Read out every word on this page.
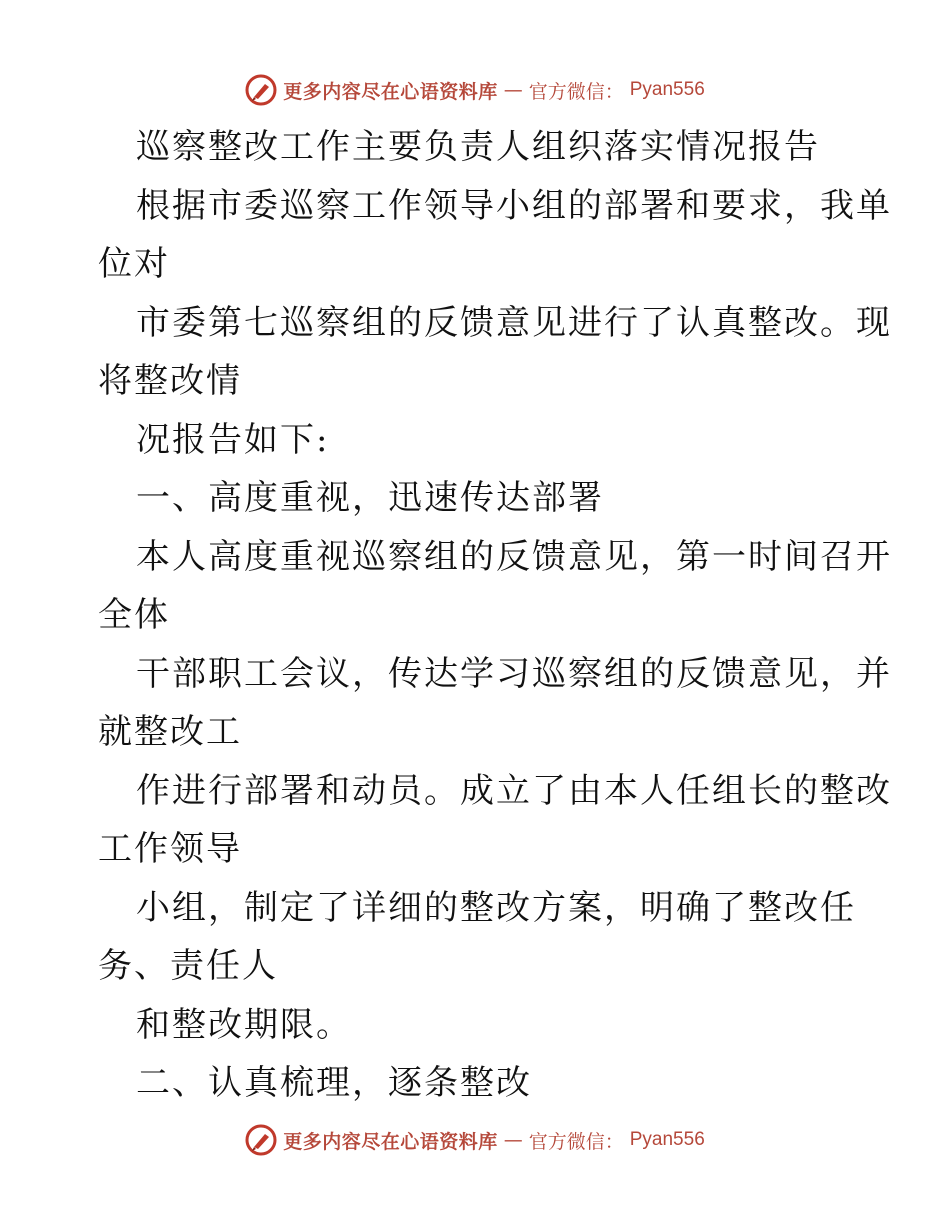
更多内容尽在心语资料库 — 官方微信： Pyan556
巡察整改工作主要负责人组织落实情况报告
根据市委巡察工作领导小组的部署和要求，我单
位对
市委第七巡察组的反馈意见进行了认真整改。现
将整改情
况报告如下:
一、高度重视，迅速传达部署
本人高度重视巡察组的反馈意见，第一时间召开
全体
干部职工会议，传达学习巡察组的反馈意见，并
就整改工
作进行部署和动员。成立了由本人任组长的整改
工作领导
小组，制定了详细的整改方案，明确了整改任
务、责任人
和整改期限。
二、认真梳理，逐条整改
更多内容尽在心语资料库 — 官方微信： Pyan556
